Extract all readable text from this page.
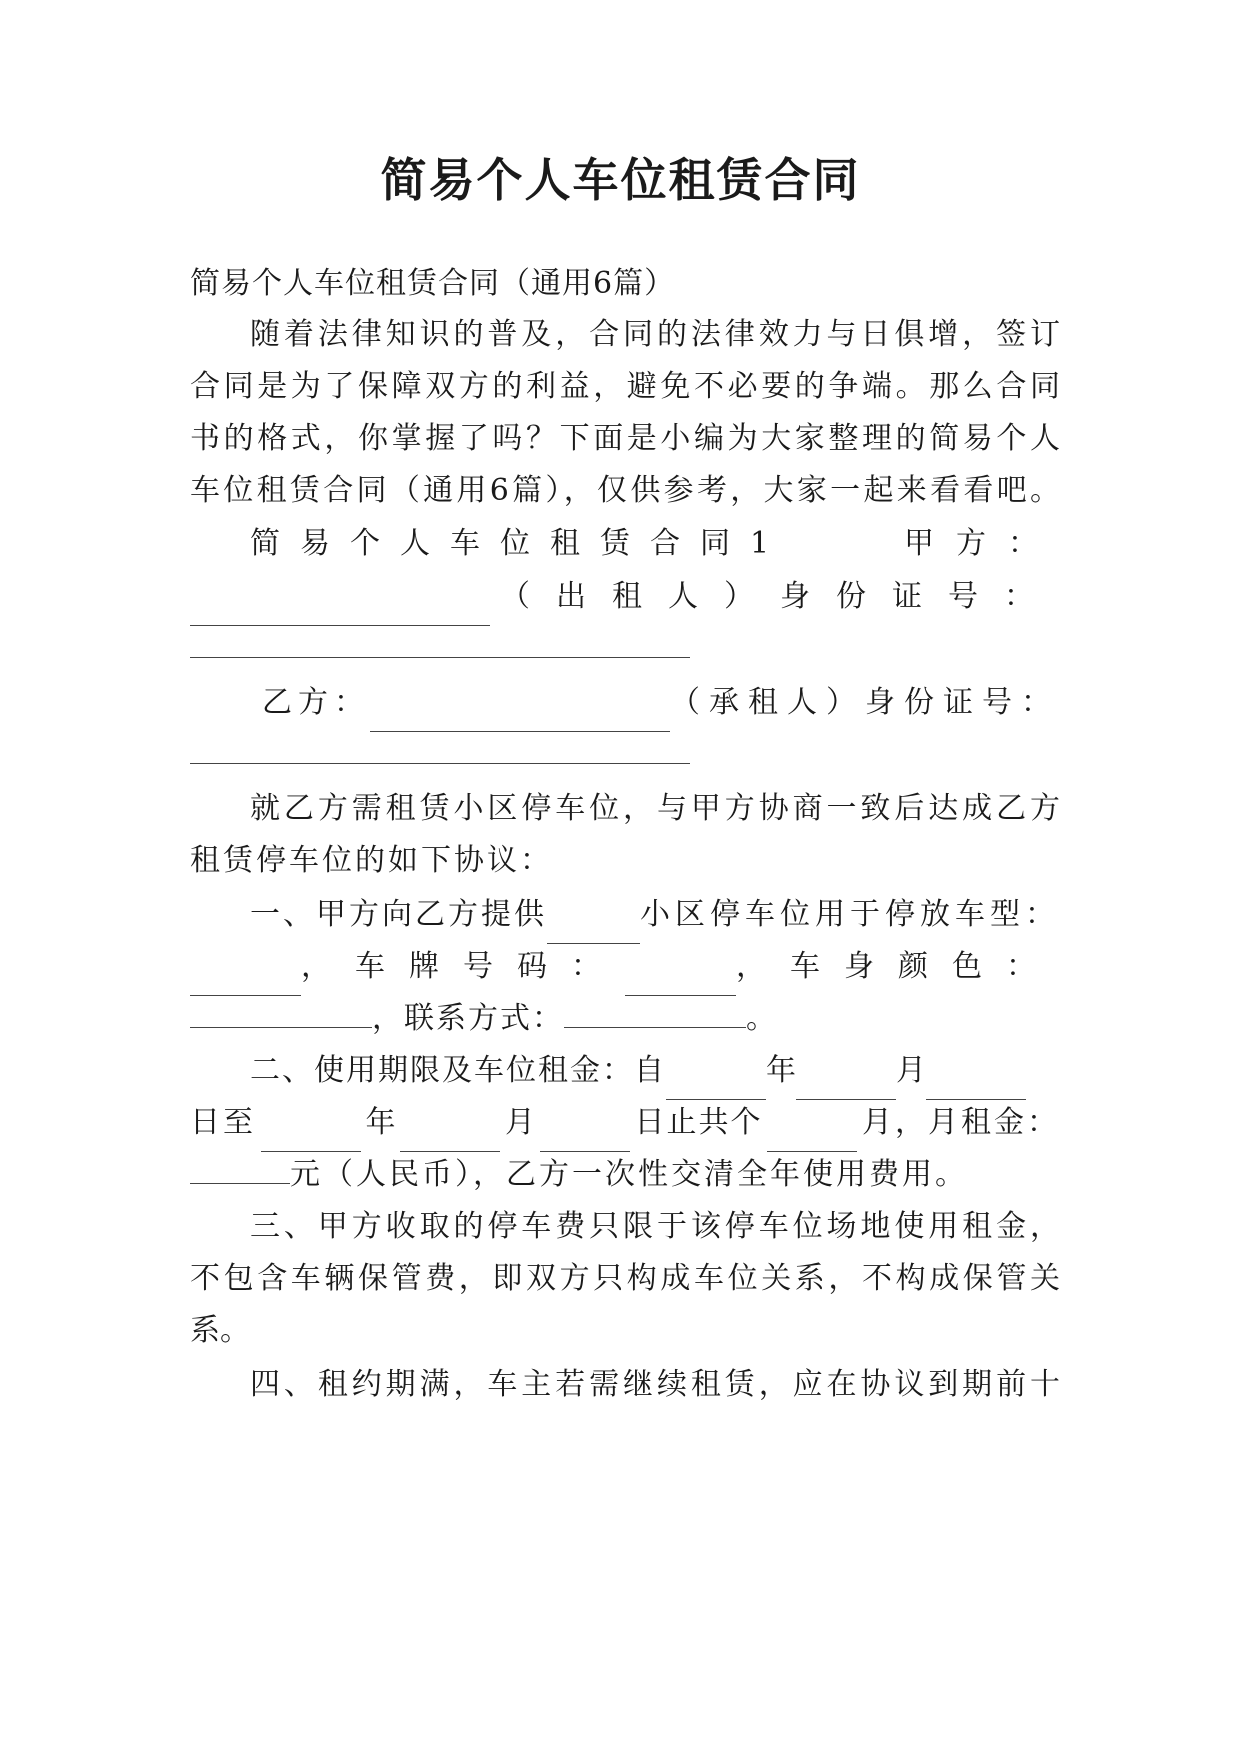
简易个人车位租赁合同
简易个人车位租赁合同（通用6篇）
随着法律知识的普及，合同的法律效力与日俱增，签订
合同是为了保障双方的利益，避免不必要的争端。那么合同
书的格式，你掌握了吗？下面是小编为大家整理的简易个人
车位租赁合同（通用6篇），仅供参考，大家一起来看看吧。
简易个人车位租赁合同1	甲方：
（出租人）身份证号：
乙方：	（承租人）身份证号：
就乙方需租赁小区停车位，与甲方协商一致后达成乙方
租赁停车位的如下协议：
一、甲方向乙方提供	小区停车位用于停放车型：
，车牌号码：	，车身颜色：
，联系方式：	。
二、使用期限及车位租金：自	年	月
日至	年	月	日止共个	月，月租金：
元（人民币），乙方一次性交清全年使用费用。
三、甲方收取的停车费只限于该停车位场地使用租金，
不包含车辆保管费，即双方只构成车位关系，不构成保管关
系。
四、租约期满，车主若需继续租赁，应在协议到期前十
